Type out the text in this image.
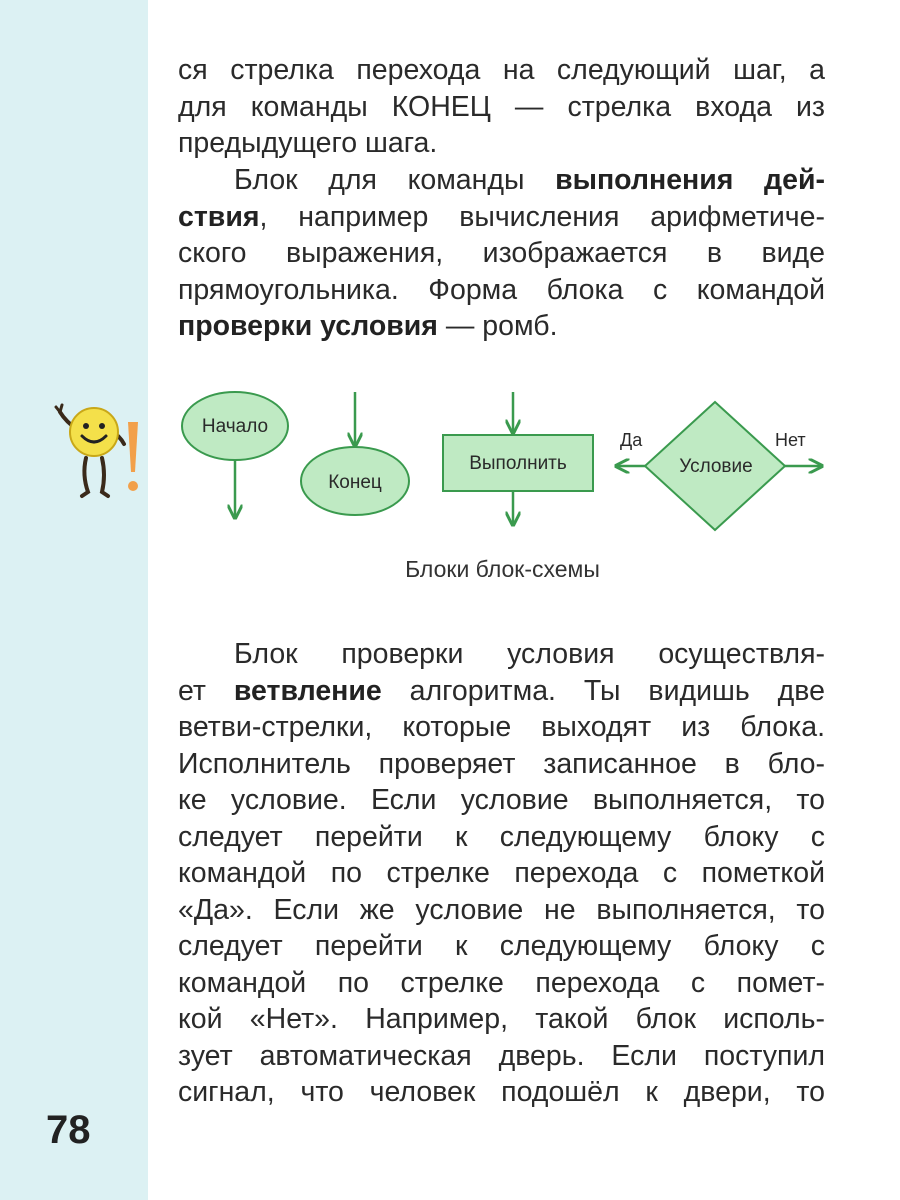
ся стрелка перехода на следующий шаг, а
для команды КОНЕЦ — стрелка входа из
предыдущего шага.
Блок для команды выполнения дей-
ствия, например вычисления арифметиче-
ского выражения, изображается в виде
прямоугольника. Форма блока с командой
проверки условия — ромб.
Начало
Конец
Выполнить	Условие
Да	Нет
Блоки блок-схемы
Блок проверки условия осуществля-
ет ветвление алгоритма. Ты видишь две
ветви-стрелки, которые выходят из блока.
Исполнитель проверяет записанное в бло-
ке условие. Если условие выполняется, то
следует перейти к следующему блоку с
командой по стрелке перехода с пометкой
«Да». Если же условие не выполняется, то
следует перейти к следующему блоку с
командой по стрелке перехода с помет-
кой «Нет». Например, такой блок исполь-
зует автоматическая дверь. Если поступил
сигнал, что человек подошёл к двери, то
78
